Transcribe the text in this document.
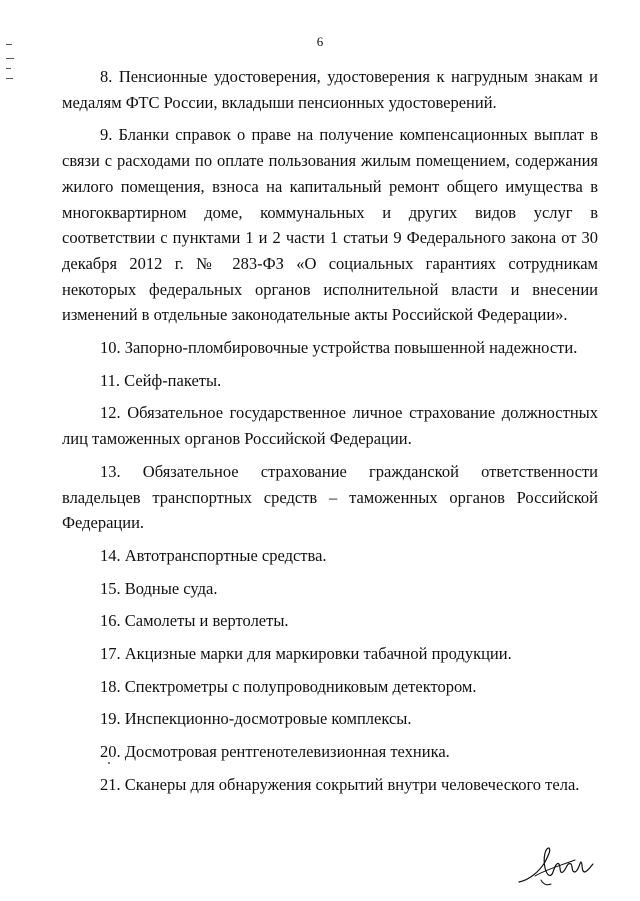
6

8. Пенсионные удостоверения, удостоверения к нагрудным знакам и медалям ФТС России, вкладыши пенсионных удостоверений.

9. Бланки справок о праве на получение компенсационных выплат в связи с расходами по оплате пользования жилым помещением, содержания жилого помещения, взноса на капитальный ремонт общего имущества в многоквартирном доме, коммунальных и других видов услуг в соответствии с пунктами 1 и 2 части 1 статьи 9 Федерального закона от 30 декабря 2012 г. № 283-ФЗ «О социальных гарантиях сотрудникам некоторых федеральных органов исполнительной власти и внесении изменений в отдельные законодательные акты Российской Федерации».

10. Запорно-пломбировочные устройства повышенной надежности.

11. Сейф-пакеты.

12. Обязательное государственное личное страхование должностных лиц таможенных органов Российской Федерации.

13. Обязательное страхование гражданской ответственности владельцев транспортных средств – таможенных органов Российской Федерации.

14. Автотранспортные средства.

15. Водные суда.

16. Самолеты и вертолеты.

17. Акцизные марки для маркировки табачной продукции.

18. Спектрометры с полупроводниковым детектором.

19. Инспекционно-досмотровые комплексы.

20. Досмотровая рентгенотелевизионная техника.

21. Сканеры для обнаружения сокрытий внутри человеческого тела.
